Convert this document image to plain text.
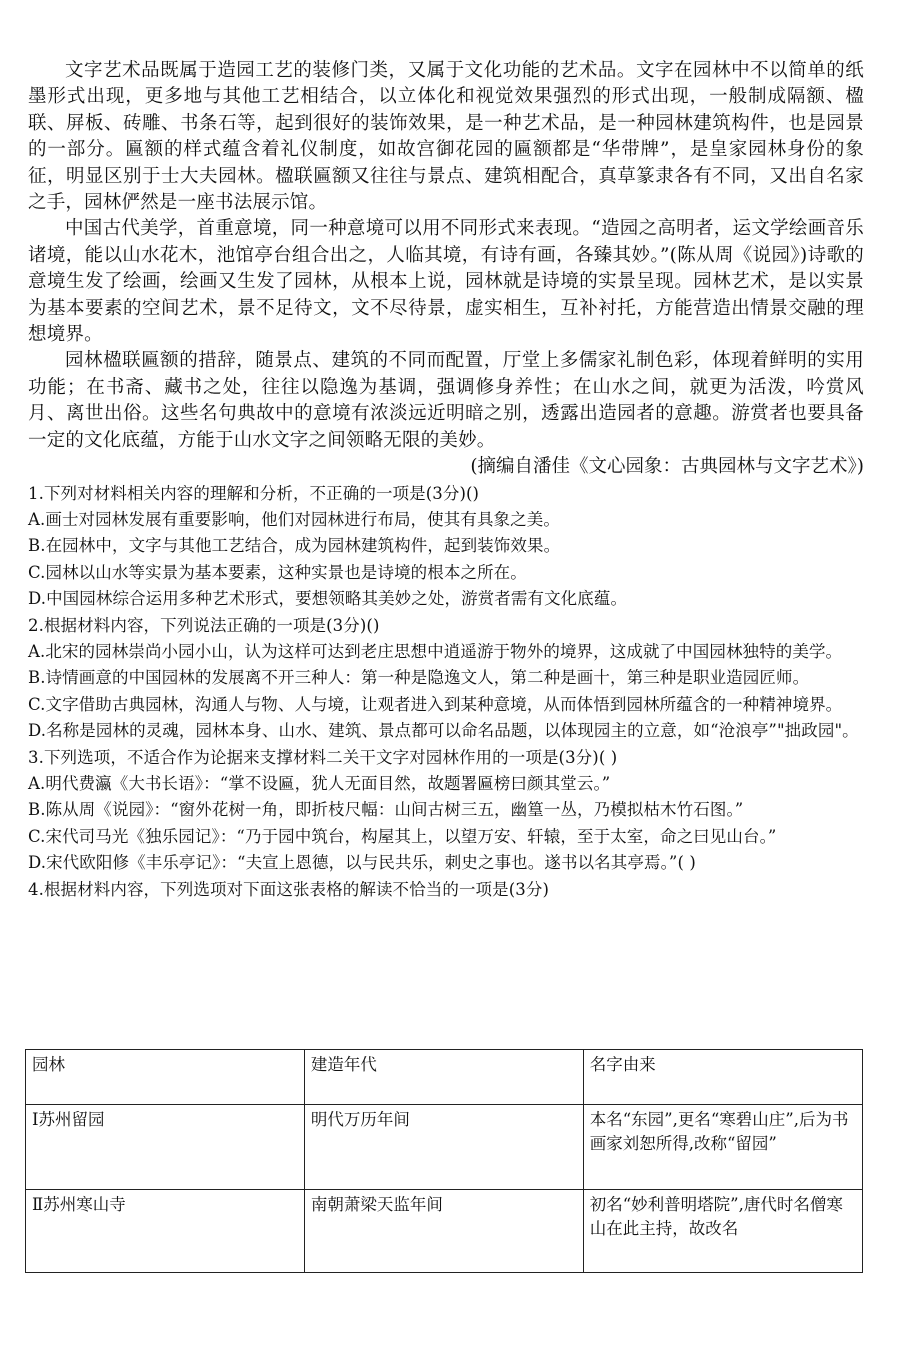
文字艺术品既属于造园工艺的装修门类，又属于文化功能的艺术品。文字在园林中不以简单的纸墨形式出现，更多地与其他工艺相结合，以立体化和视觉效果强烈的形式出现，一般制成隔额、楹联、屏板、砖雕、书条石等，起到很好的装饰效果，是一种艺术品，是一种园林建筑构件，也是园景的一部分。匾额的样式蕴含着礼仪制度，如故宫御花园的匾额都是“华带牌”，是皇家园林身份的象征，明显区别于士大夫园林。楹联匾额又往往与景点、建筑相配合，真草篆隶各有不同，又出自名家之手，园林俨然是一座书法展示馆。

中国古代美学，首重意境，同一种意境可以用不同形式来表现。“造园之高明者，运文学绘画音乐诸境，能以山水花木，池馆亭台组合出之，人临其境，有诗有画，各臻其妙。”(陈从周《说园》)诗歌的意境生发了绘画，绘画又生发了园林，从根本上说，园林就是诗境的实景呈现。园林艺术，是以实景为基本要素的空间艺术，景不足待文，文不尽待景，虚实相生，互补衬托，方能营造出情景交融的理想境界。

园林楹联匾额的措辞，随景点、建筑的不同而配置，厅堂上多儒家礼制色彩，体现着鲜明的实用功能；在书斋、藏书之处，往往以隐逸为基调，强调修身养性；在山水之间，就更为活泼，吟赏风月、离世出俗。这些名句典故中的意境有浓淡远近明暗之别，透露出造园者的意趣。游赏者也要具备一定的文化底蕴，方能于山水文字之间领略无限的美妙。

(摘编自潘佳《文心园象：古典园林与文字艺术》)

1.下列对材料相关内容的理解和分析，不正确的一项是(3分)()

A.画士对园林发展有重要影响，他们对园林进行布局，使其有具象之美。

B.在园林中，文字与其他工艺结合，成为园林建筑构件，起到装饰效果。

C.园林以山水等实景为基本要素，这种实景也是诗境的根本之所在。

D.中国园林综合运用多种艺术形式，要想领略其美妙之处，游赏者需有文化底蕴。

2.根据材料内容，下列说法正确的一项是(3分)()

A.北宋的园林崇尚小园小山，认为这样可达到老庄思想中逍遥游于物外的境界，这成就了中国园林独特的美学。

B.诗情画意的中国园林的发展离不开三种人：第一种是隐逸文人，第二种是画十，第三种是职业造园匠师。

C.文字借助古典园林，沟通人与物、人与境，让观者进入到某种意境，从而体悟到园林所蕴含的一种精神境界。

D.名称是园林的灵魂，园林本身、山水、建筑、景点都可以命名品题，以体现园主的立意，如“沧浪亭”"拙政园"。

3.下列选项，不适合作为论据来支撑材料二关干文字对园林作用的一项是(3分)( )

A.明代费瀛《大书长语》：“掌不设匾，犹人无面目然，故题署匾榜曰颜其堂云。”

B.陈从周《说园》：“窗外花树一角，即折枝尺幅：山间古树三五，幽篁一丛，乃模拟枯木竹石图。”

C.宋代司马光《独乐园记》：“乃于园中筑台，构屋其上，以望万安、轩辕，至于太室，命之曰见山台。”

D.宋代欧阳修《丰乐亭记》：“夫宣上恩德，以与民共乐，刺史之事也。遂书以名其亭焉。”( )

4.根据材料内容，下列选项对下面这张表格的解读不恰当的一项是(3分)

园林	建造年代	名字由来
Ⅰ苏州留园	明代万历年间	本名“东园”,更名“寒碧山庄”,后为书画家刘恕所得,改称“留园”
Ⅱ苏州寒山寺	南朝萧梁天监年间	初名“妙利普明塔院”,唐代时名僧寒山在此主持，故改名
